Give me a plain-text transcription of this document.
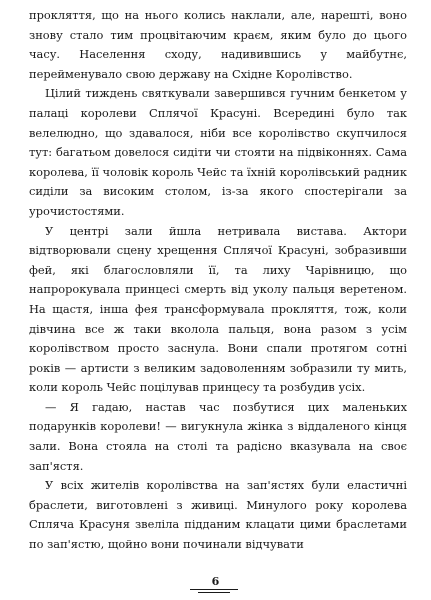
прокляття, що на нього колись наклали, але, нарешті, воно знову стало тим процвітаючим краєм, яким було до цього часу. Населення сходу, надивившись у майбутнє, перейменувало свою державу на Східне Королівство.

Цілий тиждень святкували завершився гучним бенкетом у палаці королеви Сплячої Красуні. Всередині було так велелюдно, що здавалося, ніби все королівство скупчилося тут: багатьом довелося сидіти чи стояти на підвіконнях. Сама королева, її чоловік король Чейс та їхній королівський радник сиділи за високим столом, із-за якого спостерігали за урочистостями.

У центрі зали йшла нетривала вистава. Актори відтворювали сцену хрещення Сплячої Красуні, зобразивши фей, які благословляли її, та лиху Чарівницю, що напророкувала принцесі смерть від уколу пальця веретеном. На щастя, інша фея трансформувала прокляття, тож, коли дівчина все ж таки вколола пальця, вона разом з усім королівством просто заснула. Вони спали протягом сотні років — артисти з великим задоволенням зобразили ту мить, коли король Чейс поцілував принцесу та розбудив усіх.

— Я гадаю, настав час позбутися цих маленьких подарунків королеви! — вигукнула жінка з віддаленого кінця зали. Вона стояла на столі та радісно вказувала на своє зап'ястя.

У всіх жителів королівства на зап'ястях були еластичні браслети, виготовлені з живиці. Минулого року королева Спляча Красуня звеліла підданим клацати цими браслетами по зап'ястю, щойно вони починали відчувати

6
